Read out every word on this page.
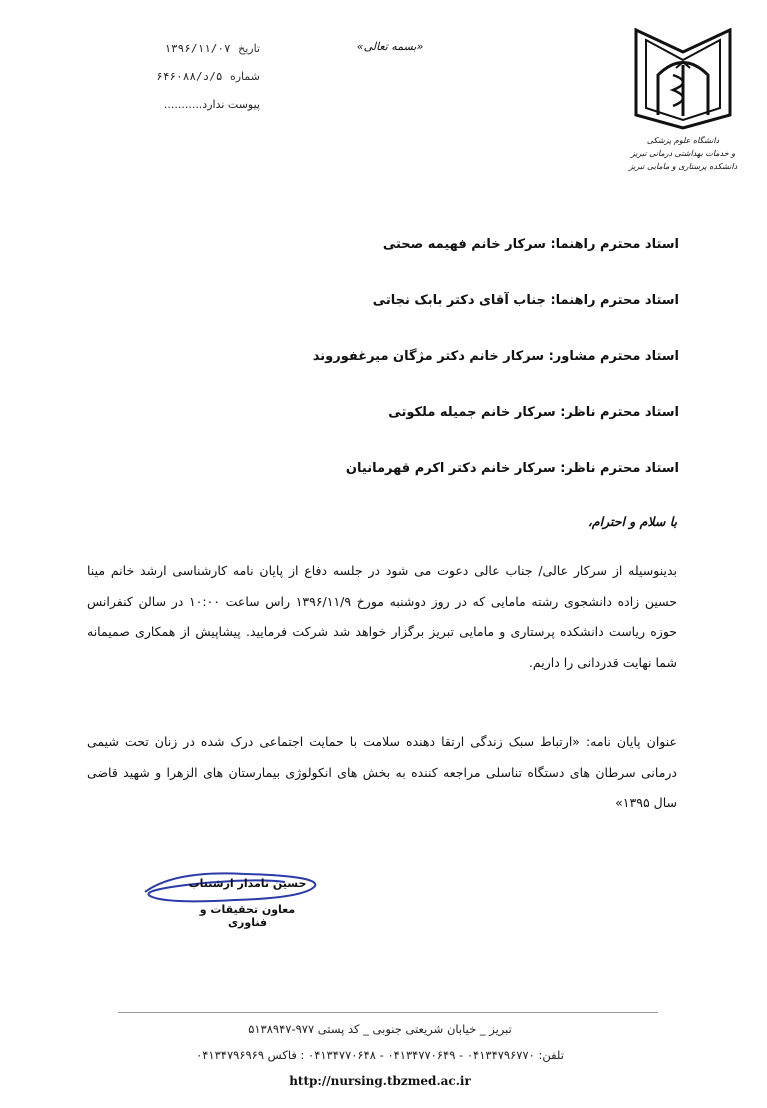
تاریخ ۱۳۹۶/۱۱/۰۷
شماره ۵/د/۶۴۶۰۸۸
پیوست ندارد...........
«بسمه تعالی»
دانشگاه علوم پزشکی
و خدمات بهداشتی درمانی تبریز
دانشکده پرستاری و مامایی تبریز
استاد محترم راهنما: سرکار خانم فهیمه صحتی
استاد محترم راهنما: جناب آقای دکتر بابک نجاتی
استاد محترم مشاور: سرکار خانم دکتر مژگان میرغفوروند
استاد محترم ناظر: سرکار خانم جمیله ملکوتی
استاد محترم ناظر: سرکار خانم دکتر اکرم قهرمانیان
با سلام و احترام،
بدینوسیله از سرکار عالی/ جناب عالی دعوت می شود در جلسه دفاع از پایان نامه کارشناسی ارشد خانم مینا حسین زاده دانشجوی رشته مامایی که در روز دوشنبه مورخ ۱۳۹۶/۱۱/۹ راس ساعت ۱۰:۰۰ در سالن کنفرانس حوزه ریاست دانشکده پرستاری و مامایی تبریز برگزار خواهد شد شرکت فرمایید. پیشاپیش از همکاری صمیمانه شما نهایت قدردانی را داریم.
عنوان پایان نامه: «ارتباط سبک زندگی ارتقا دهنده سلامت با حمایت اجتماعی درک شده در زنان تحت شیمی درمانی سرطان های دستگاه تناسلی مراجعه کننده به بخش های انکولوژی بیمارستان های الزهرا و شهید قاضی سال ۱۳۹۵»
حسین نامدار ارشتناب
معاون تحقیقات و فناوری
تبریز _ خیابان شریعتی جنوبی _ کد پستی ۹۷۷-۵۱۳۸۹۴۷
تلفن: ۰۴۱۳۴۷۹۶۷۷۰ - ۰۴۱۳۴۷۷۰۶۴۹ - ۰۴۱۳۴۷۷۰۶۴۸ : فاکس ۰۴۱۳۴۷۹۶۹۶۹
http://nursing.tbzmed.ac.ir
